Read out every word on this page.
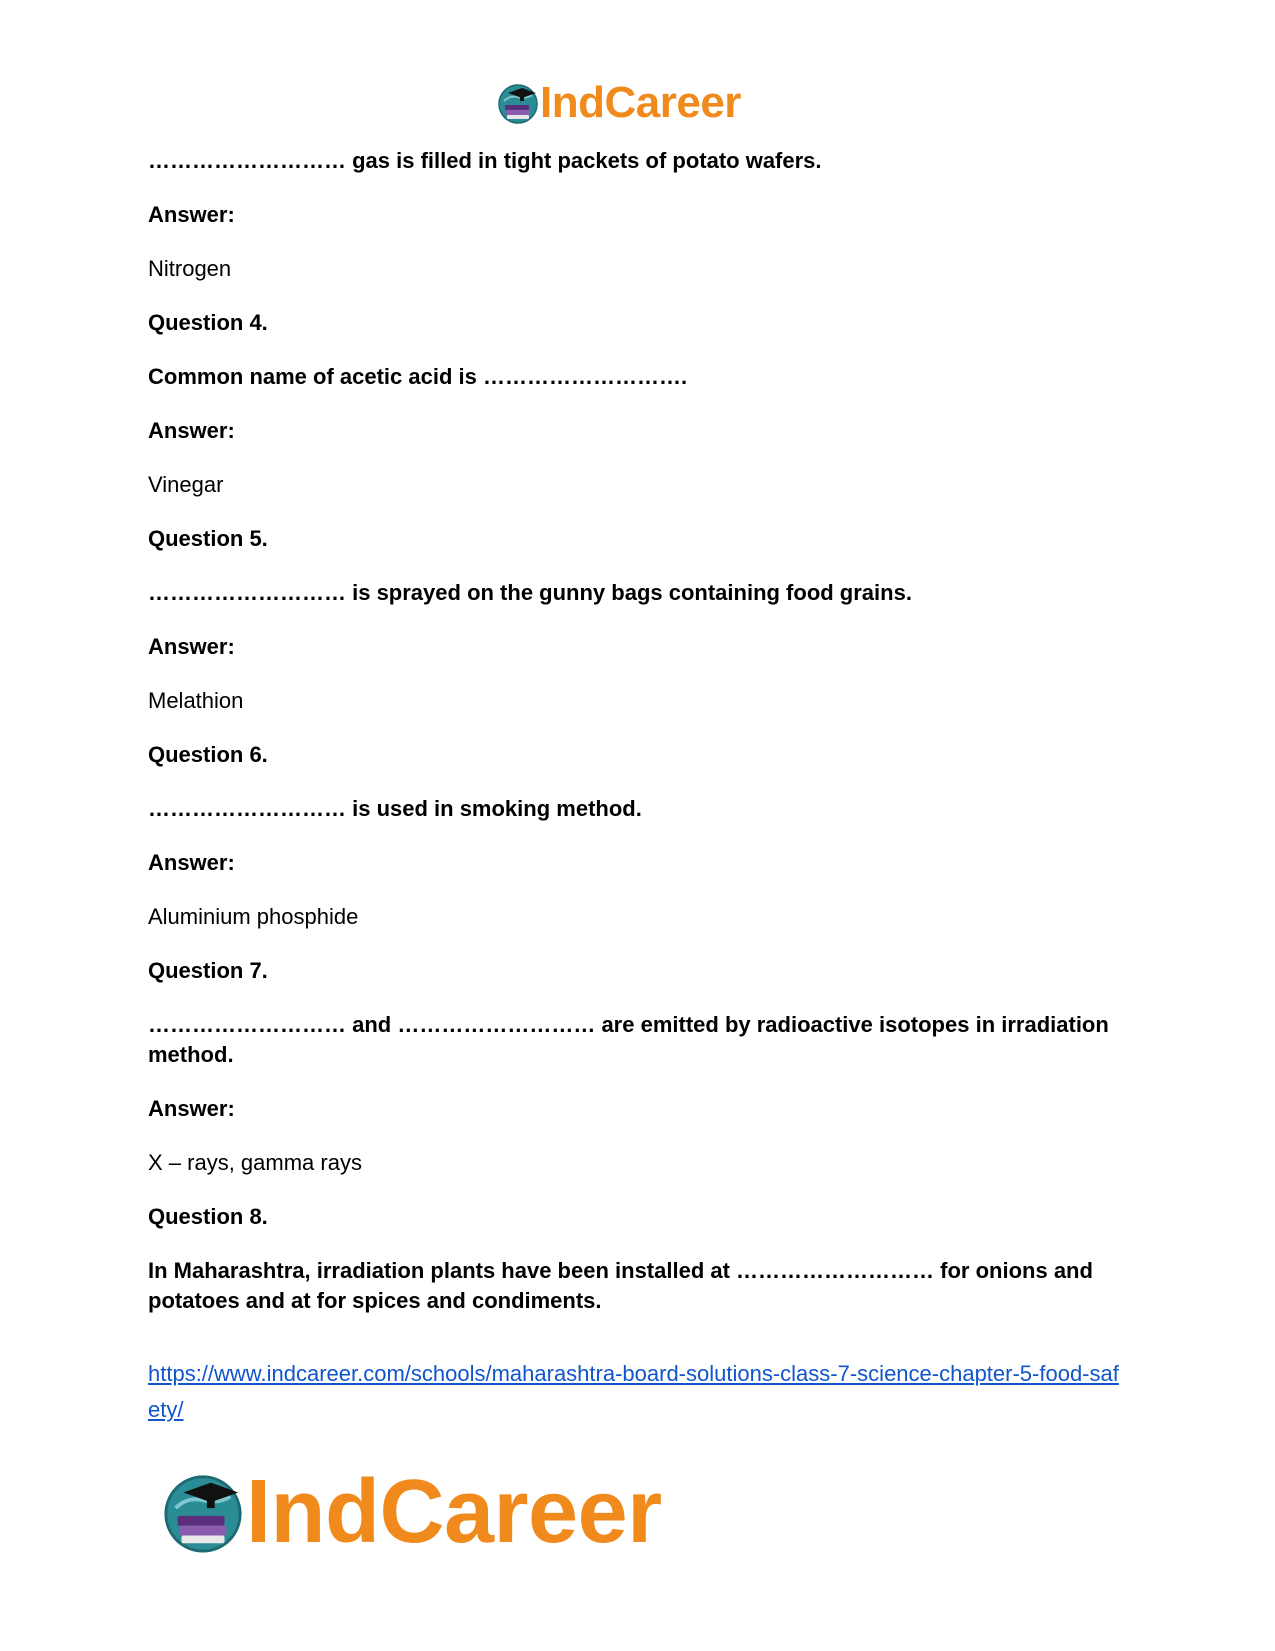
IndCareer

……………………… gas is filled in tight packets of potato wafers.

Answer:

Nitrogen

Question 4.

Common name of acetic acid is ……………………….

Answer:

Vinegar

Question 5.

……………………… is sprayed on the gunny bags containing food grains.

Answer:

Melathion

Question 6.

……………………… is used in smoking method.

Answer:

Aluminium phosphide

Question 7.

……………………… and ……………………… are emitted by radioactive isotopes in irradiation method.

Answer:

X – rays, gamma rays

Question 8.

In Maharashtra, irradiation plants have been installed at ……………………… for onions and potatoes and at for spices and condiments.

https://www.indcareer.com/schools/maharashtra-board-solutions-class-7-science-chapter-5-food-safety/
IndCareer
